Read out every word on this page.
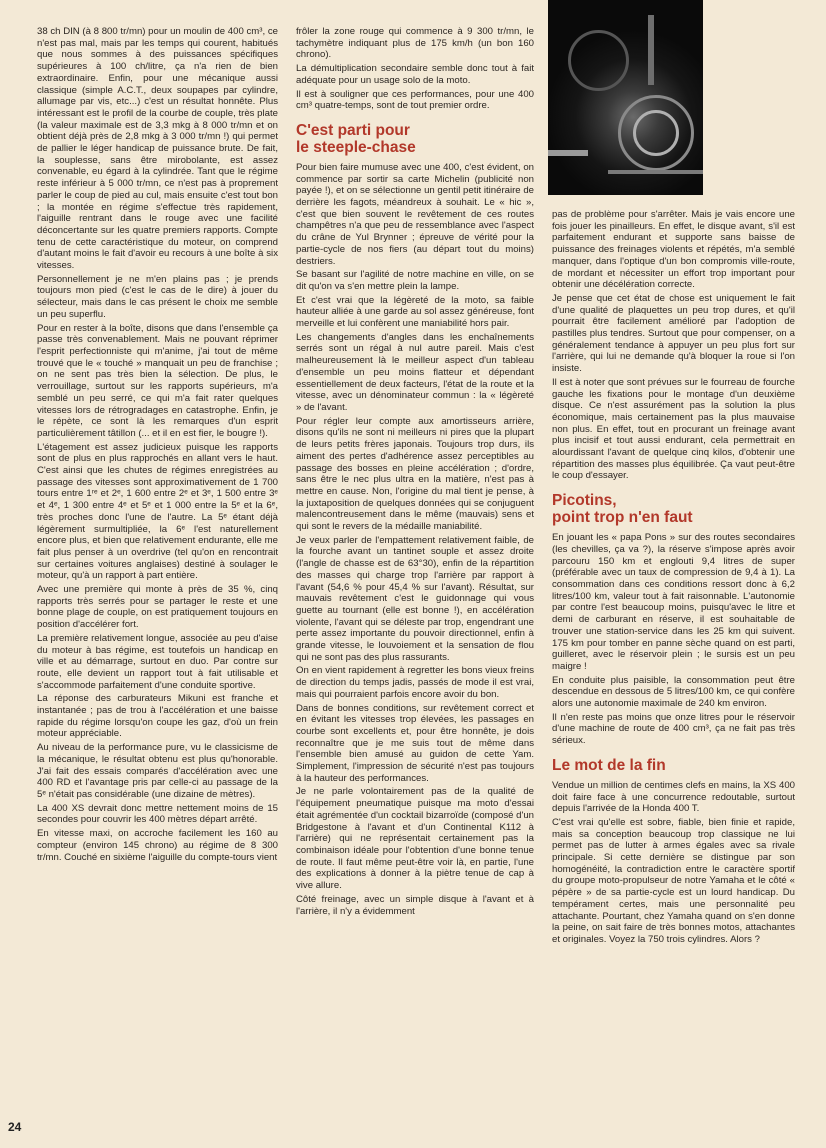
38 ch DIN (à 8 800 tr/mn) pour un moulin de 400 cm³, ce n'est pas mal, mais par les temps qui courent, habitués que nous sommes à des puissances spécifiques supérieures à 100 ch/litre, ça n'a rien de bien extraordinaire. Enfin, pour une mécanique aussi classique (simple A.C.T., deux soupapes par cylindre, allumage par vis, etc...) c'est un résultat honnête. Plus intéressant est le profil de la courbe de couple, très plate (la valeur maximale est de 3,3 mkg à 8 000 tr/mn et on obtient déjà près de 2,8 mkg à 3 000 tr/mn !) qui permet de pallier le léger handicap de puissance brute. De fait, la souplesse, sans être mirobolante, est assez convenable, eu égard à la cylindrée. Tant que le régime reste inférieur à 5 000 tr/mn, ce n'est pas à proprement parler le coup de pied au cul, mais ensuite c'est tout bon ; la montée en régime s'effectue très rapidement, l'aiguille rentrant dans le rouge avec une facilité déconcertante sur les quatre premiers rapports. Compte tenu de cette caractéristique du moteur, on comprend d'autant moins le fait d'avoir eu recours à une boîte à six vitesses.

Personnellement je ne m'en plains pas ; je prends toujours mon pied (c'est le cas de le dire) à jouer du sélecteur, mais dans le cas présent le choix me semble un peu superflu.

Pour en rester à la boîte, disons que dans l'ensemble ça passe très convenablement. Mais ne pouvant réprimer l'esprit perfectionniste qui m'anime, j'ai tout de même trouvé que le « touché » manquait un peu de franchise ; on ne sent pas très bien la sélection. De plus, le verrouillage, surtout sur les rapports supérieurs, m'a semblé un peu serré, ce qui m'a fait rater quelques vitesses lors de rétrogradages en catastrophe. Enfin, je le répète, ce sont là les remarques d'un esprit particulièrement tâtillon (... et il en est fier, le bougre !).

L'étagement est assez judicieux puisque les rapports sont de plus en plus rapprochés en allant vers le haut. C'est ainsi que les chutes de régimes enregistrées au passage des vitesses sont approximativement de 1 700 tours entre 1ʳᵉ et 2ᵉ, 1 600 entre 2ᵉ et 3ᵉ, 1 500 entre 3ᵉ et 4ᵉ, 1 300 entre 4ᵉ et 5ᵉ et 1 000 entre la 5ᵉ et la 6ᵉ, très proches donc l'une de l'autre. La 5ᵉ étant déjà légèrement surmultipliée, la 6ᵉ l'est naturellement encore plus, et bien que relativement endurante, elle me fait plus penser à un overdrive (tel qu'on en rencontrait sur certaines voitures anglaises) destiné à soulager le moteur, qu'à un rapport à part entière.

Avec une première qui monte à près de 35 %, cinq rapports très serrés pour se partager le reste et une bonne plage de couple, on est pratiquement toujours en position d'accélérer fort.

La première relativement longue, associée au peu d'aise du moteur à bas régime, est toutefois un handicap en ville et au démarrage, surtout en duo. Par contre sur route, elle devient un rapport tout à fait utilisable et s'accommode parfaitement d'une conduite sportive.

La réponse des carburateurs Mikuni est franche et instantanée ; pas de trou à l'accélération et une baisse rapide du régime lorsqu'on coupe les gaz, d'où un frein moteur appréciable.

Au niveau de la performance pure, vu le classicisme de la mécanique, le résultat obtenu est plus qu'honorable. J'ai fait des essais comparés d'accélération avec une 400 RD et l'avantage pris par celle-ci au passage de la 5ᵉ n'était pas considérable (une dizaine de mètres).

La 400 XS devrait donc mettre nettement moins de 15 secondes pour couvrir les 400 mètres départ arrêté.

En vitesse maxi, on accroche facilement les 160 au compteur (environ 145 chrono) au régime de 8 300 tr/mn. Couché en sixième l'aiguille du compte-tours vient

frôler la zone rouge qui commence à 9 300 tr/mn, le tachymètre indiquant plus de 175 km/h (un bon 160 chrono).

La démultiplication secondaire semble donc tout à fait adéquate pour un usage solo de la moto.

Il est à souligner que ces performances, pour une 400 cm³ quatre-temps, sont de tout premier ordre.

C'est parti pour
le steeple-chase

Pour bien faire mumuse avec une 400, c'est évident, on commence par sortir sa carte Michelin (publicité non payée !), et on se sélectionne un gentil petit itinéraire de derrière les fagots, méandreux à souhait. Le « hic », c'est que bien souvent le revêtement de ces routes champêtres n'a que peu de ressemblance avec l'aspect du crâne de Yul Brynner ; épreuve de vérité pour la partie-cycle de nos fiers (au départ tout du moins) destriers.

Se basant sur l'agilité de notre machine en ville, on se dit qu'on va s'en mettre plein la lampe.

Et c'est vrai que la légèreté de la moto, sa faible hauteur alliée à une garde au sol assez généreuse, font merveille et lui confèrent une maniabilité hors pair.

Les changements d'angles dans les enchaînements serrés sont un régal à nul autre pareil. Mais c'est malheureusement là le meilleur aspect d'un tableau d'ensemble un peu moins flatteur et dépendant essentiellement de deux facteurs, l'état de la route et la vitesse, avec un dénominateur commun : la « légèreté » de l'avant.

Pour régler leur compte aux amortisseurs arrière, disons qu'ils ne sont ni meilleurs ni pires que la plupart de leurs petits frères japonais. Toujours trop durs, ils aiment des pertes d'adhérence assez perceptibles au passage des bosses en pleine accélération ; d'ordre, sans être le nec plus ultra en la matière, n'est pas à mettre en cause. Non, l'origine du mal tient je pense, à la juxtaposition de quelques données qui se conjuguent malencontreusement dans le même (mauvais) sens et qui sont le revers de la médaille maniabilité.

Je veux parler de l'empattement relativement faible, de la fourche avant un tantinet souple et assez droite (l'angle de chasse est de 63°30), enfin de la répartition des masses qui charge trop l'arrière par rapport à l'avant (54,6 % pour 45,4 % sur l'avant). Résultat, sur mauvais revêtement c'est le guidonnage qui vous guette au tournant (elle est bonne !), en accélération violente, l'avant qui se déleste par trop, engendrant une perte assez importante du pouvoir directionnel, enfin à grande vitesse, le louvoiement et la sensation de flou qui ne sont pas des plus rassurants.

On en vient rapidement à regretter les bons vieux freins de direction du temps jadis, passés de mode il est vrai, mais qui pourraient parfois encore avoir du bon.

Dans de bonnes conditions, sur revêtement correct et en évitant les vitesses trop élevées, les passages en courbe sont excellents et, pour être honnête, je dois reconnaître que je me suis tout de même dans l'ensemble bien amusé au guidon de cette Yam. Simplement, l'impression de sécurité n'est pas toujours à la hauteur des performances.

Je ne parle volontairement pas de la qualité de l'équipement pneumatique puisque ma moto d'essai était agrémentée d'un cocktail bizarroïde (composé d'un Bridgestone à l'avant et d'un Continental K112 à l'arrière) qui ne représentait certainement pas la combinaison idéale pour l'obtention d'une bonne tenue de route. Il faut même peut-être voir là, en partie, l'une des explications à donner à la piètre tenue de cap à vive allure.

Côté freinage, avec un simple disque à l'avant et à l'arrière, il n'y a évidemment

pas de problème pour s'arrêter. Mais je vais encore une fois jouer les pinailleurs. En effet, le disque avant, s'il est parfaitement endurant et supporte sans baisse de puissance des freinages violents et répétés, m'a semblé manquer, dans l'optique d'un bon compromis ville-route, de mordant et nécessiter un effort trop important pour obtenir une décélération correcte.

Je pense que cet état de chose est uniquement le fait d'une qualité de plaquettes un peu trop dures, et qu'il pourrait être facilement amélioré par l'adoption de pastilles plus tendres. Surtout que pour compenser, on a généralement tendance à appuyer un peu plus fort sur l'arrière, qui lui ne demande qu'à bloquer la roue si l'on insiste.

Il est à noter que sont prévues sur le fourreau de fourche gauche les fixations pour le montage d'un deuxième disque. Ce n'est assurément pas la solution la plus économique, mais certainement pas la plus mauvaise non plus. En effet, tout en procurant un freinage avant plus incisif et tout aussi endurant, cela permettrait en alourdissant l'avant de quelque cinq kilos, d'obtenir une répartition des masses plus équilibrée. Ça vaut peut-être le coup d'essayer.

Picotins,
point trop n'en faut

En jouant les « papa Pons » sur des routes secondaires (les chevilles, ça va ?), la réserve s'impose après avoir parcouru 150 km et englouti 9,4 litres de super (préférable avec un taux de compression de 9,4 à 1). La consommation dans ces conditions ressort donc à 6,2 litres/100 km, valeur tout à fait raisonnable. L'autonomie par contre l'est beaucoup moins, puisqu'avec le litre et demi de carburant en réserve, il est souhaitable de trouver une station-service dans les 25 km qui suivent. 175 km pour tomber en panne sèche quand on est parti, guilleret, avec le réservoir plein ; le sursis est un peu maigre !

En conduite plus paisible, la consommation peut être descendue en dessous de 5 litres/100 km, ce qui confère alors une autonomie maximale de 240 km environ.

Il n'en reste pas moins que onze litres pour le réservoir d'une machine de route de 400 cm³, ça ne fait pas très sérieux.

Le mot de la fin

Vendue un million de centimes clefs en mains, la XS 400 doit faire face à une concurrence redoutable, surtout depuis l'arrivée de la Honda 400 T.

C'est vrai qu'elle est sobre, fiable, bien finie et rapide, mais sa conception beaucoup trop classique ne lui permet pas de lutter à armes égales avec sa rivale principale. Si cette dernière se distingue par son homogénéité, la contradiction entre le caractère sportif du groupe moto-propulseur de notre Yamaha et le côté « pépère » de sa partie-cycle est un lourd handicap. Du tempérament certes, mais une personnalité peu attachante. Pourtant, chez Yamaha quand on s'en donne la peine, on sait faire de très bonnes motos, attachantes et originales. Voyez la 750 trois cylindres. Alors ?

24
